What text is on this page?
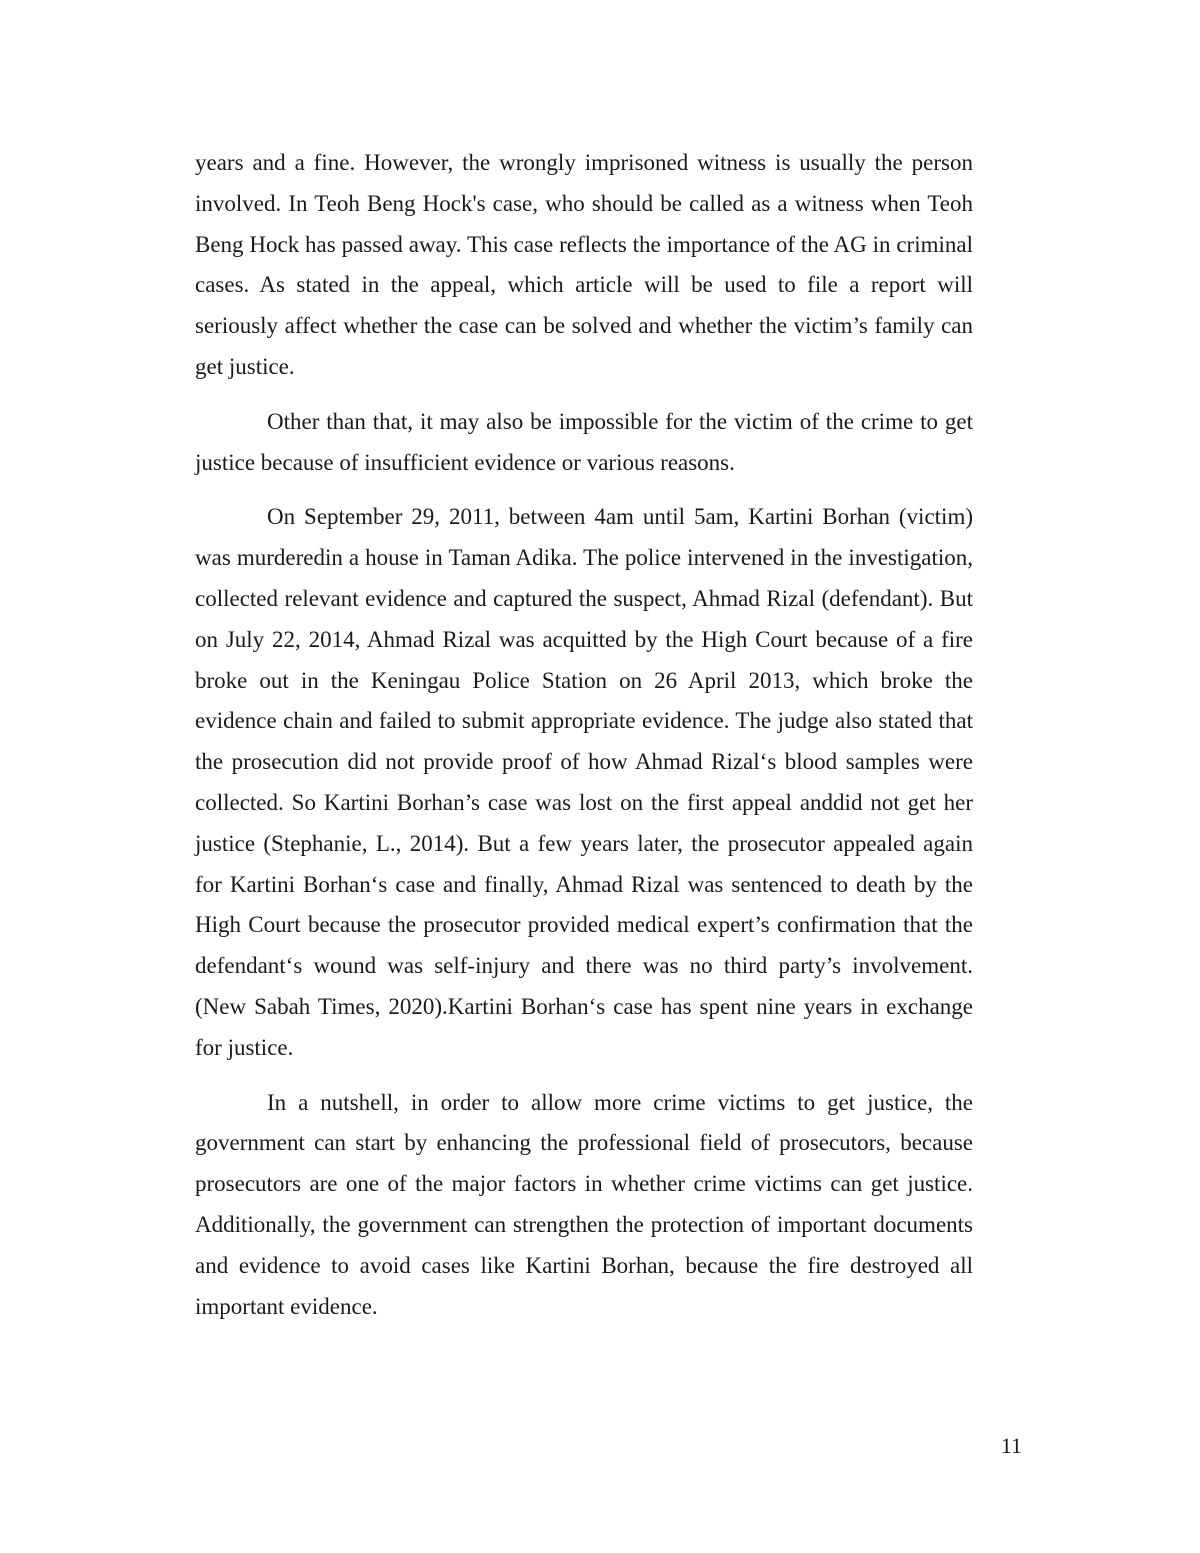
years and a fine. However, the wrongly imprisoned witness is usually the person involved. In Teoh Beng Hock's case, who should be called as a witness when Teoh Beng Hock has passed away. This case reflects the importance of the AG in criminal cases. As stated in the appeal, which article will be used to file a report will seriously affect whether the case can be solved and whether the victim’s family can get justice.

Other than that, it may also be impossible for the victim of the crime to get justice because of insufficient evidence or various reasons.

On September 29, 2011, between 4am until 5am, Kartini Borhan (victim) was murderedin a house in Taman Adika. The police intervened in the investigation, collected relevant evidence and captured the suspect, Ahmad Rizal (defendant). But on July 22, 2014, Ahmad Rizal was acquitted by the High Court because of a fire broke out in the Keningau Police Station on 26 April 2013, which broke the evidence chain and failed to submit appropriate evidence. The judge also stated that the prosecution did not provide proof of how Ahmad Rizal‘s blood samples were collected. So Kartini Borhan’s case was lost on the first appeal anddid not get her justice (Stephanie, L., 2014). But a few years later, the prosecutor appealed again for Kartini Borhan‘s case and finally, Ahmad Rizal was sentenced to death by the High Court because the prosecutor provided medical expert’s confirmation that the defendant‘s wound was self-injury and there was no third party’s involvement. (New Sabah Times, 2020).Kartini Borhan‘s case has spent nine years in exchange for justice.

In a nutshell, in order to allow more crime victims to get justice, the government can start by enhancing the professional field of prosecutors, because prosecutors are one of the major factors in whether crime victims can get justice. Additionally, the government can strengthen the protection of important documents and evidence to avoid cases like Kartini Borhan, because the fire destroyed all important evidence.

11
